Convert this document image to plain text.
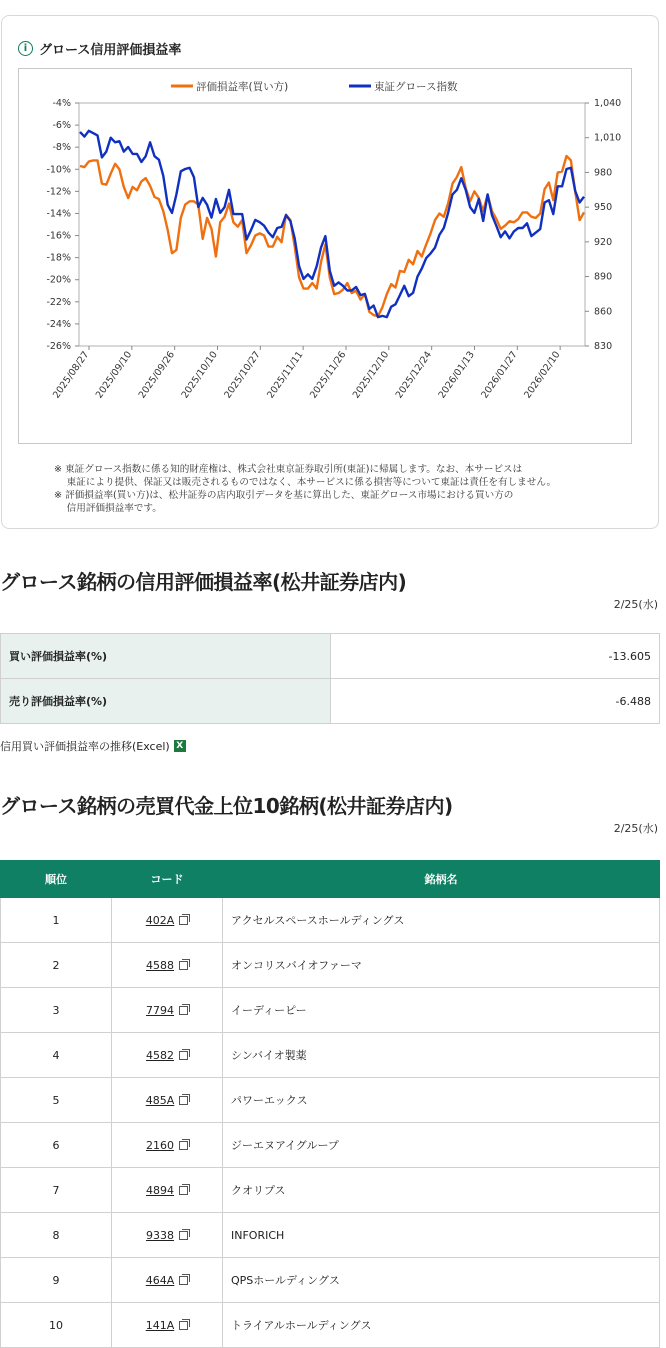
i グロース信用評価損益率
-26%
-24%
-22%
-20%
-18%
-16%
-14%
-12%
-10%
-8%
-6%
-4%
830
860
890
920
950
980
1,010
1,040
2025/08/27 2025/09/10 2025/09/26 2025/10/10 2025/10/27 2025/11/11 2025/11/26 2025/12/10 2025/12/24 2026/01/13 2026/01/27 2026/02/10
評価損益率(買い方)	東証グロース指数

※ 東証グロース指数に係る知的財産権は、株式会社東京証券取引所(東証)に帰属します。なお、本サービスは

　 東証により提供、保証又は販売されるものではなく、本サービスに係る損害等について東証は責任を有しません。

※ 評価損益率(買い方)は、松井証券の店内取引データを基に算出した、東証グロース市場における買い方の

　 信用評価損益率です。

グロース銘柄の信用評価損益率(松井証券店内)
2/25(水)
買い評価損益率(%)	-13.605
売り評価損益率(%)	-6.488
信用買い評価損益率の推移(Excel) X
グロース銘柄の売買代金上位10銘柄(松井証券店内)
2/25(水)
順位	コード	銘柄名
1	402A	アクセルスペースホールディングス
2	4588	オンコリスバイオファーマ
3	7794	イーディーピー
4	4582	シンバイオ製薬
5	485A	パワーエックス
6	2160	ジーエヌアイグループ
7	4894	クオリプス
8	9338	INFORICH
9	464A	QPSホールディングス
10	141A	トライアルホールディングス
